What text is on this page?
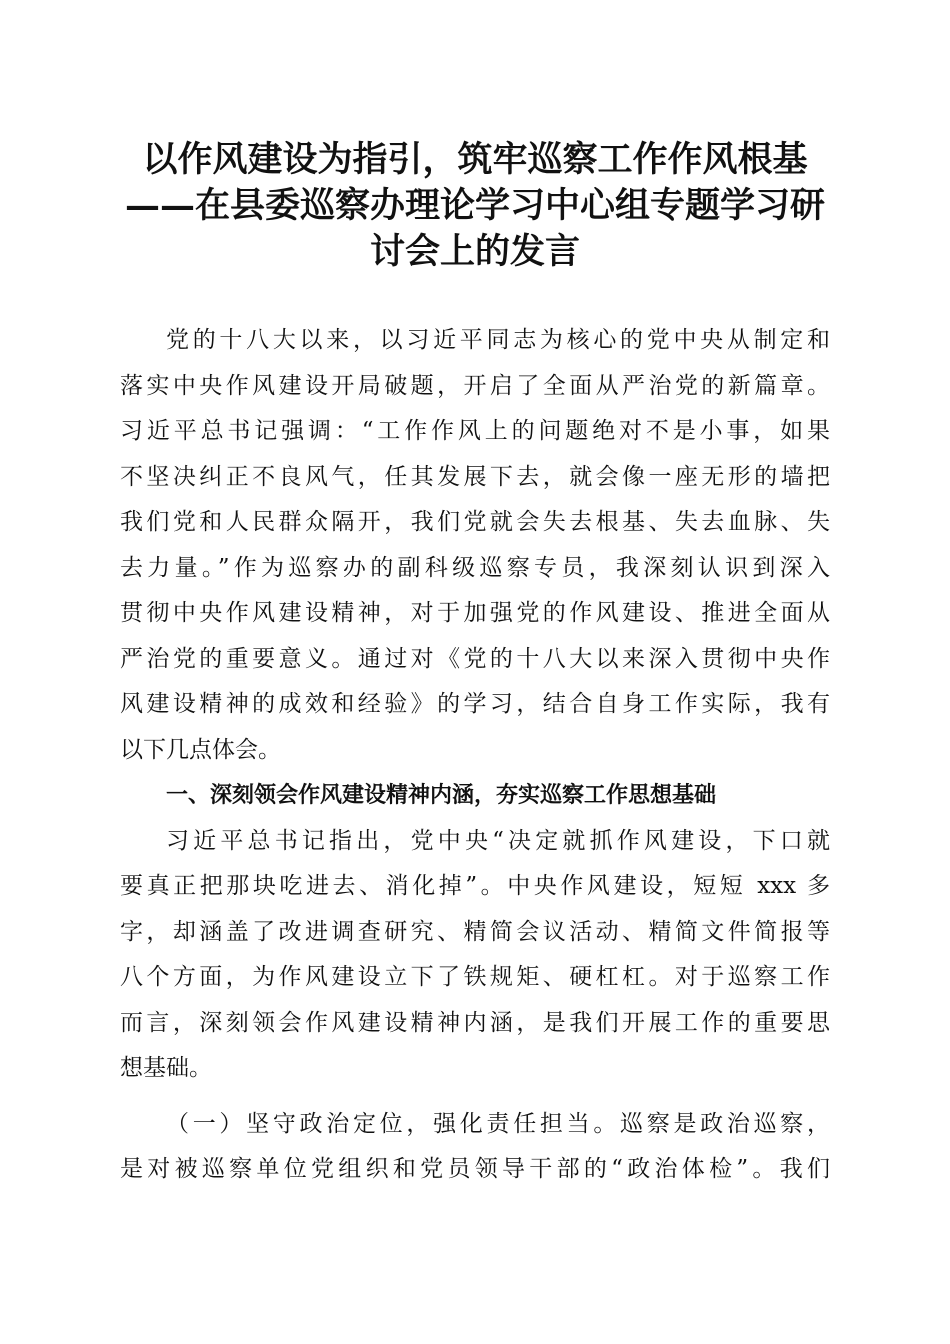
以作风建设为指引，筑牢巡察工作作风根基
——在县委巡察办理论学习中心组专题学习研
讨会上的发言
党的十八大以来，以习近平同志为核心的党中央从制定和
落实中央作风建设开局破题，开启了全面从严治党的新篇章。
习近平总书记强调：“工作作风上的问题绝对不是小事，如果
不坚决纠正不良风气，任其发展下去，就会像一座无形的墙把
我们党和人民群众隔开，我们党就会失去根基、失去血脉、失
去力量。”作为巡察办的副科级巡察专员，我深刻认识到深入
贯彻中央作风建设精神，对于加强党的作风建设、推进全面从
严治党的重要意义。通过对《党的十八大以来深入贯彻中央作
风建设精神的成效和经验》的学习，结合自身工作实际，我有
以下几点体会。
一、深刻领会作风建设精神内涵，夯实巡察工作思想基础
习近平总书记指出，党中央“决定就抓作风建设，下口就
要真正把那块吃进去、消化掉”。中央作风建设，短短 xxx 多
字，却涵盖了改进调查研究、精简会议活动、精简文件简报等
八个方面，为作风建设立下了铁规矩、硬杠杠。对于巡察工作
而言，深刻领会作风建设精神内涵，是我们开展工作的重要思
想基础。
（一）坚守政治定位，强化责任担当。巡察是政治巡察，
是对被巡察单位党组织和党员领导干部的“政治体检”。我们
